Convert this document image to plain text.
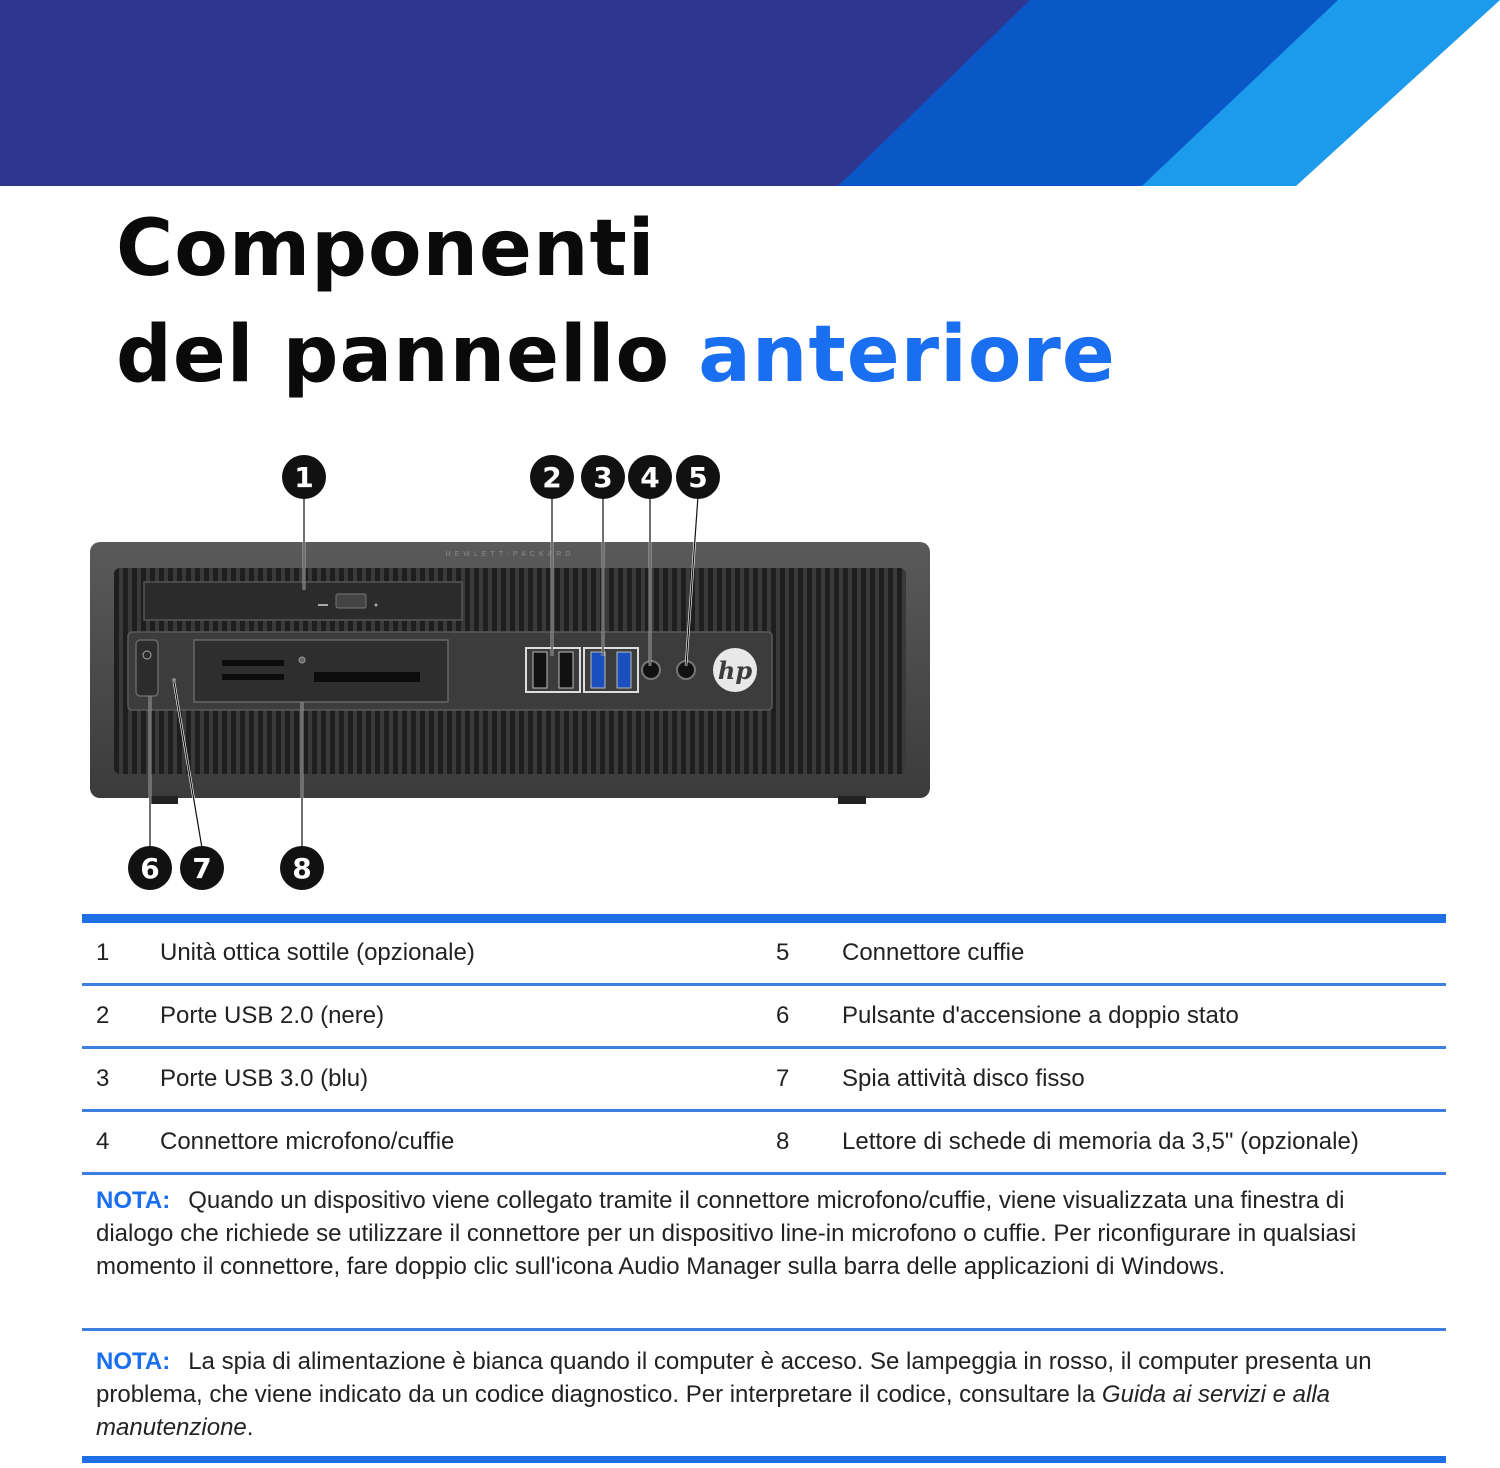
Componenti
del pannello anteriore
HEWLETT-PACKARD
hp
1	2 3 4 5
6 7	8
1	Unità ottica sottile (opzionale)	5	Connettore cuffie
2	Porte USB 2.0 (nere)	6	Pulsante d'accensione a doppio stato
3	Porte USB 3.0 (blu)	7	Spia attività disco fisso
4	Connettore microfono/cuffie	8	Lettore di schede di memoria da 3,5" (opzionale)

NOTA: Quando un dispositivo viene collegato tramite il connettore microfono/cuffie, viene visualizzata una finestra di dialogo che richiede se utilizzare il connettore per un dispositivo line-in microfono o cuffie. Per riconfigurare in qualsiasi momento il connettore, fare doppio clic sull'icona Audio Manager sulla barra delle applicazioni di Windows.

NOTA: La spia di alimentazione è bianca quando il computer è acceso. Se lampeggia in rosso, il computer presenta un problema, che viene indicato da un codice diagnostico. Per interpretare il codice, consultare la Guida ai servizi e alla manutenzione.
